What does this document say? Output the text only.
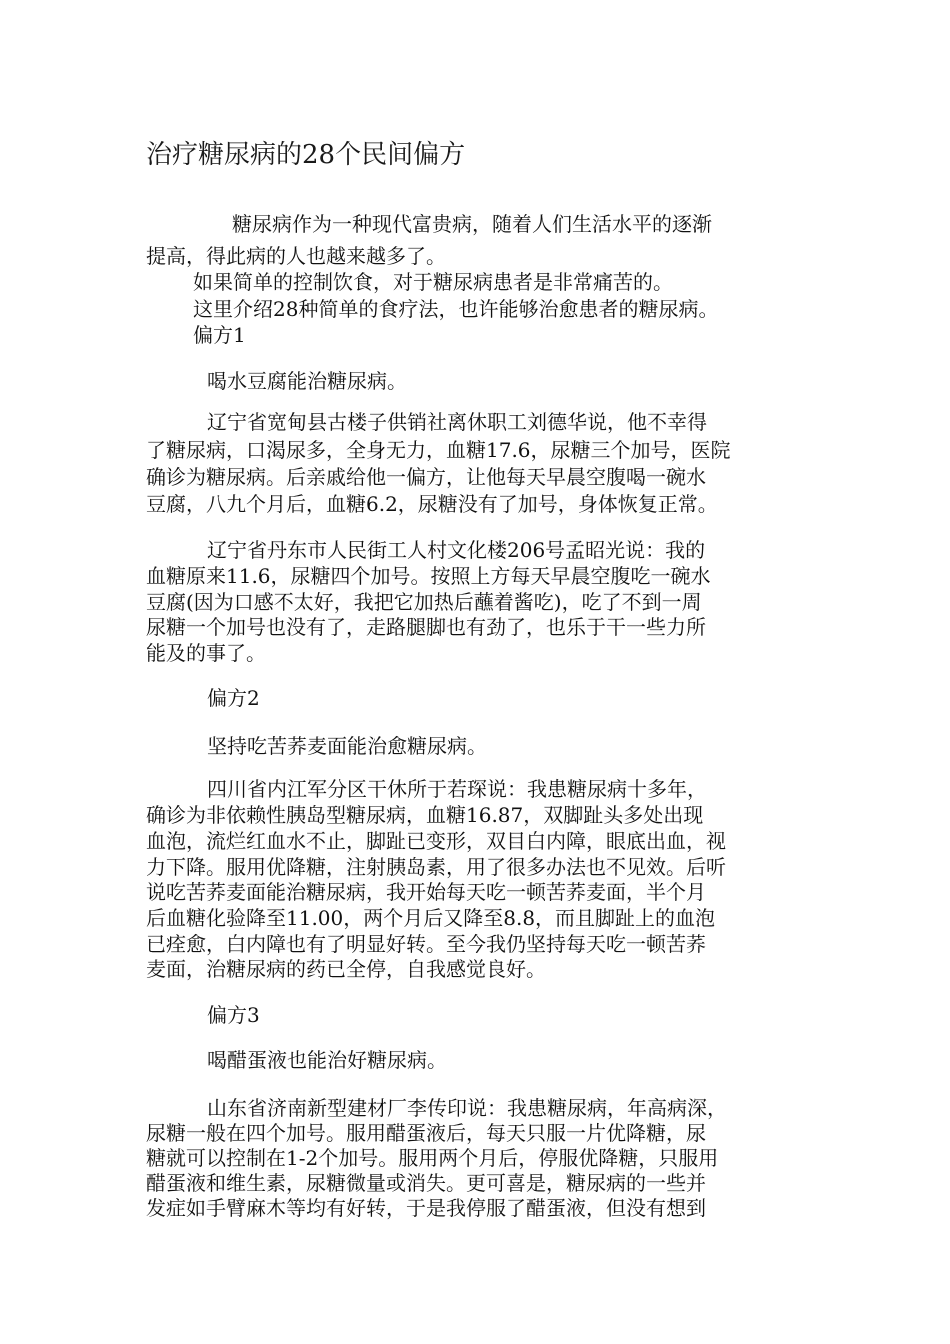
治疗糖尿病的28个民间偏方
糖尿病作为一种现代富贵病，随着人们生活水平的逐渐
提高，得此病的人也越来越多了。
如果简单的控制饮食，对于糖尿病患者是非常痛苦的。
这里介绍28种简单的食疗法，也许能够治愈患者的糖尿病。
偏方1
喝水豆腐能治糖尿病。
辽宁省宽甸县古楼子供销社离休职工刘德华说，他不幸得
了糖尿病，口渴尿多，全身无力，血糖17.6，尿糖三个加号，医院
确诊为糖尿病。后亲戚给他一偏方，让他每天早晨空腹喝一碗水
豆腐，八九个月后，血糖6.2，尿糖没有了加号，身体恢复正常。
辽宁省丹东市人民街工人村文化楼206号孟昭光说：我的
血糖原来11.6，尿糖四个加号。按照上方每天早晨空腹吃一碗水
豆腐(因为口感不太好，我把它加热后蘸着酱吃)，吃了不到一周
尿糖一个加号也没有了，走路腿脚也有劲了，也乐于干一些力所
能及的事了。
偏方2
坚持吃苦荞麦面能治愈糖尿病。
四川省内江军分区干休所于若琛说：我患糖尿病十多年，
确诊为非依赖性胰岛型糖尿病，血糖16.87，双脚趾头多处出现
血泡，流烂红血水不止，脚趾已变形，双目白内障，眼底出血，视
力下降。服用优降糖，注射胰岛素，用了很多办法也不见效。后听
说吃苦荞麦面能治糖尿病，我开始每天吃一顿苦荞麦面，半个月
后血糖化验降至11.00，两个月后又降至8.8，而且脚趾上的血泡
已痊愈，白内障也有了明显好转。至今我仍坚持每天吃一顿苦荞
麦面，治糖尿病的药已全停，自我感觉良好。
偏方3
喝醋蛋液也能治好糖尿病。
山东省济南新型建材厂李传印说：我患糖尿病，年高病深，
尿糖一般在四个加号。服用醋蛋液后，每天只服一片优降糖，尿
糖就可以控制在1-2个加号。服用两个月后，停服优降糖，只服用
醋蛋液和维生素，尿糖微量或消失。更可喜是，糖尿病的一些并
发症如手臂麻木等均有好转，于是我停服了醋蛋液，但没有想到
